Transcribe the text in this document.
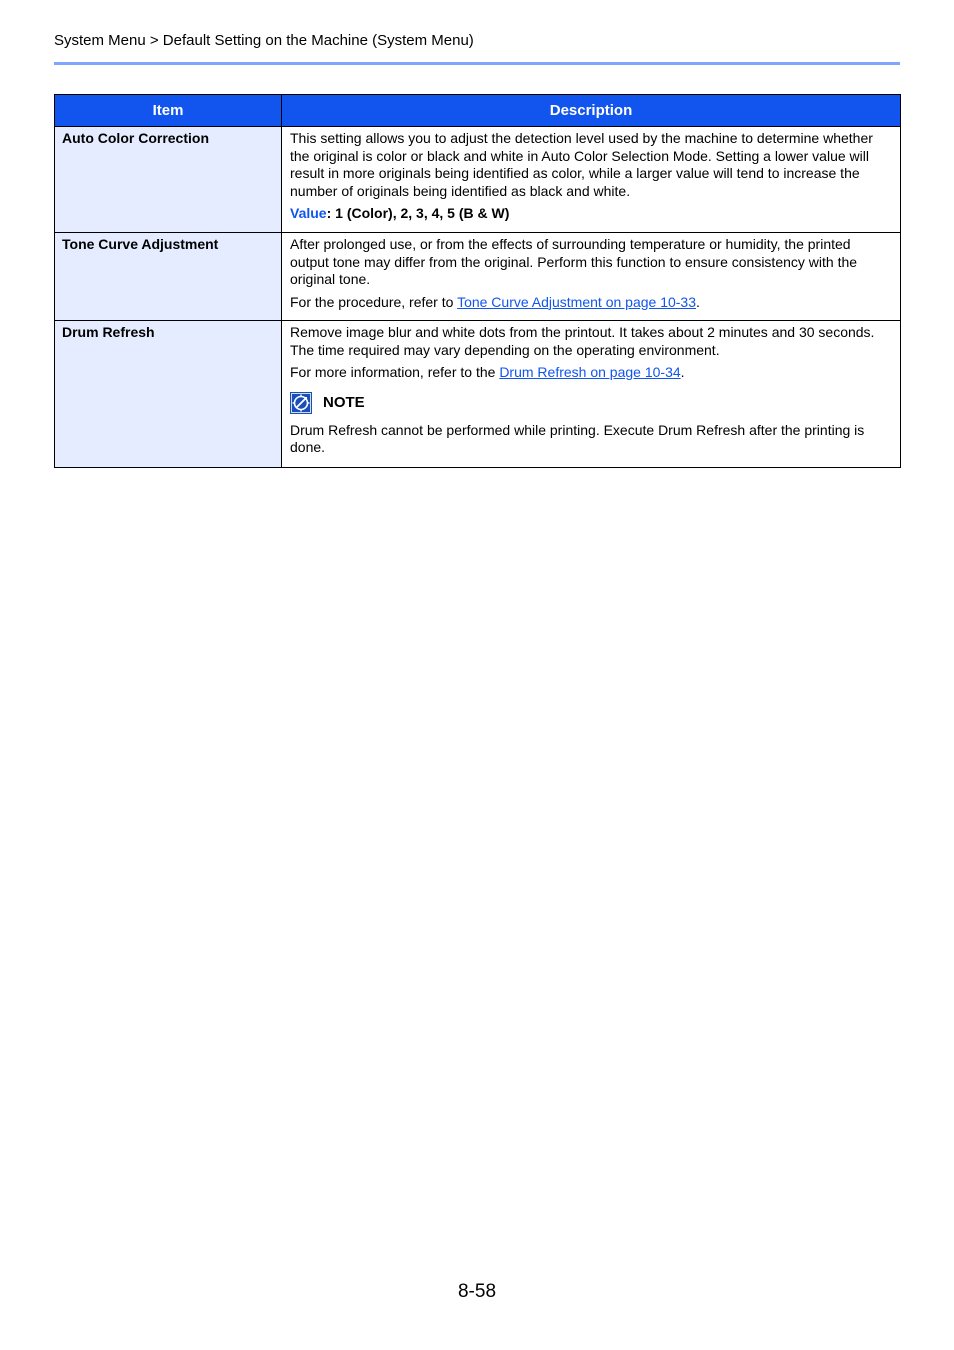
System Menu > Default Setting on the Machine (System Menu)
Item	Description
Auto Color Correction	This setting allows you to adjust the detection level used by the machine to determine whether the original is color or black and white in Auto Color Selection Mode. Setting a lower value will result in more originals being identified as color, while a larger value will tend to increase the number of originals being identified as black and white.

Value: 1 (Color), 2, 3, 4, 5 (B & W)

Tone Curve Adjustment	After prolonged use, or from the effects of surrounding temperature or humidity, the printed output tone may differ from the original. Perform this function to ensure consistency with the original tone.

For the procedure, refer to Tone Curve Adjustment on page 10-33.

Drum Refresh	Remove image blur and white dots from the printout. It takes about 2 minutes and 30 seconds. The time required may vary depending on the operating environment.

For more information, refer to the Drum Refresh on page 10-34.

NOTE

Drum Refresh cannot be performed while printing. Execute Drum Refresh after the printing is done.

8-58
